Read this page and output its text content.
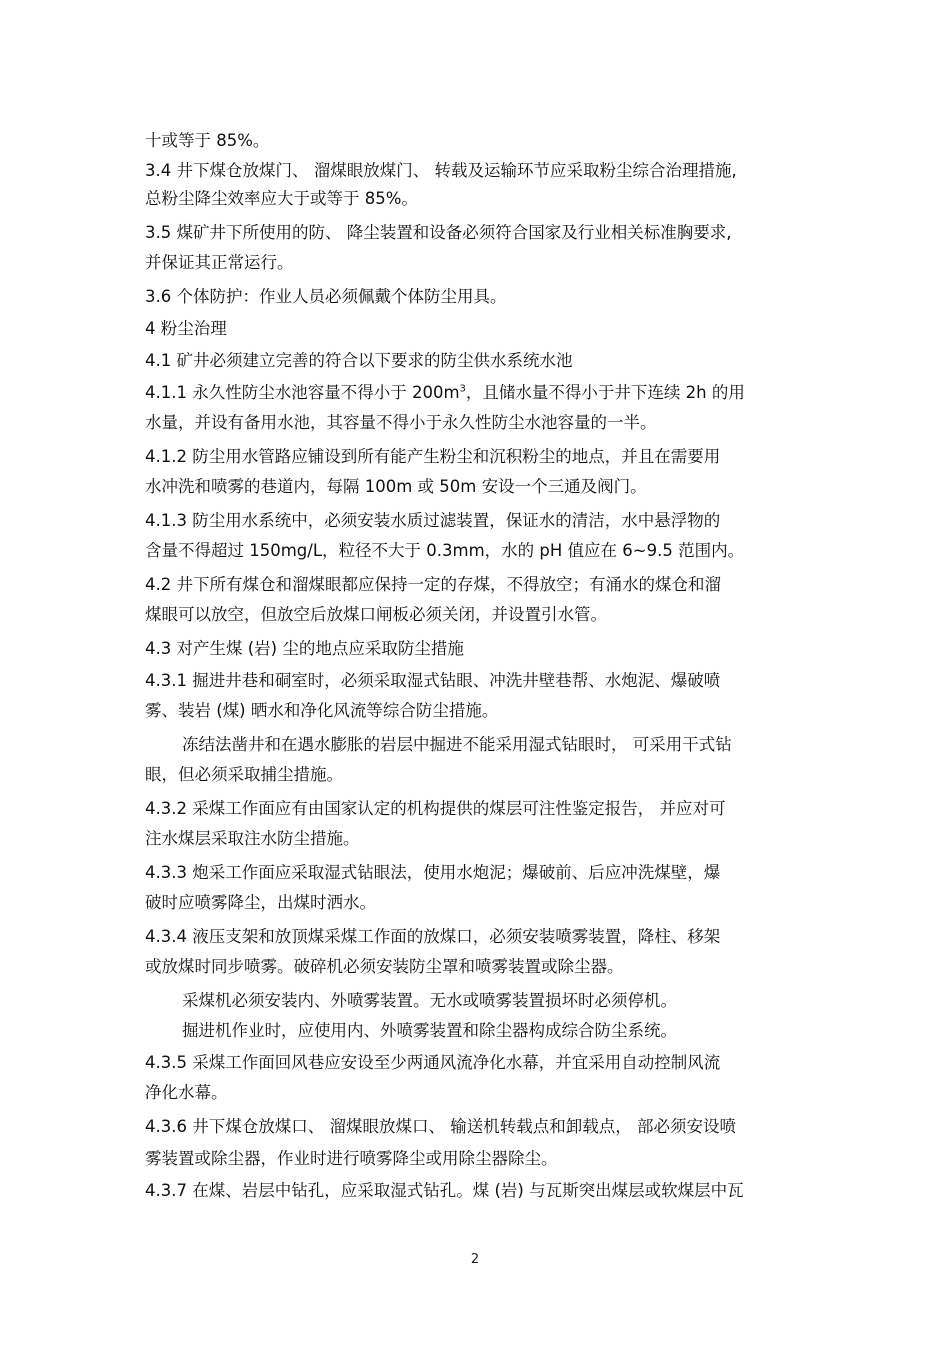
十或等于 85%。
3.4 井下煤仓放煤门、 溜煤眼放煤门、 转载及运输环节应采取粉尘综合治理措施,
总粉尘降尘效率应大于或等于 85%。
3.5 煤矿井下所使用的防、 降尘装置和设备必须符合国家及行业相关标准胸要求,
并保证其正常运行。
3.6 个体防护：作业人员必须佩戴个体防尘用具。
4 粉尘治理
4.1 矿井必须建立完善的符合以下要求的防尘供水系统水池
4.1.1 永久性防尘水池容量不得小于 $200m^3$，且储水量不得小于井下连续 2h 的用
水量，并设有备用水池，其容量不得小于永久性防尘水池容量的一半。
4.1.2 防尘用水管路应铺设到所有能产生粉尘和沉积粉尘的地点，并且在需要用
水冲洗和喷雾的巷道内，每隔 100m 或 50m 安设一个三通及阀门。
4.1.3 防尘用水系统中，必须安装水质过滤装置，保证水的清洁，水中悬浮物的
含量不得超过 150mg/L，粒径不大于 0.3mm，水的 pH 值应在 6~9.5 范围内。
4.2 井下所有煤仓和溜煤眼都应保持一定的存煤，不得放空；有涌水的煤仓和溜
煤眼可以放空，但放空后放煤口闸板必须关闭，并设置引水管。
4.3 对产生煤 (岩) 尘的地点应采取防尘措施
4.3.1 掘进井巷和硐室时，必须采取湿式钻眼、冲洗井壁巷帮、水炮泥、爆破喷
雾、装岩 (煤) 晒水和净化风流等综合防尘措施。
冻结法凿井和在遇水膨胀的岩层中掘进不能采用湿式钻眼时， 可采用干式钻
眼，但必须采取捕尘措施。
4.3.2 采煤工作面应有由国家认定的机构提供的煤层可注性鉴定报告， 并应对可
注水煤层采取注水防尘措施。
4.3.3 炮采工作面应采取湿式钻眼法，使用水炮泥；爆破前、后应冲洗煤壁，爆
破时应喷雾降尘，出煤时洒水。
4.3.4 液压支架和放顶煤采煤工作面的放煤口，必须安装喷雾装置，降柱、移架
或放煤时同步喷雾。破碎机必须安装防尘罩和喷雾装置或除尘器。
采煤机必须安装内、外喷雾装置。无水或喷雾装置损坏时必须停机。
掘进机作业时，应使用内、外喷雾装置和除尘器构成综合防尘系统。
4.3.5 采煤工作面回风巷应安设至少两通风流净化水幕，并宜采用自动控制风流
净化水幕。
4.3.6 井下煤仓放煤口、 溜煤眼放煤口、 输送机转载点和卸载点， 部必须安设喷
雾装置或除尘器，作业时进行喷雾降尘或用除尘器除尘。
4.3.7 在煤、岩层中钻孔，应采取湿式钻孔。煤 (岩) 与瓦斯突出煤层或软煤层中瓦
2
